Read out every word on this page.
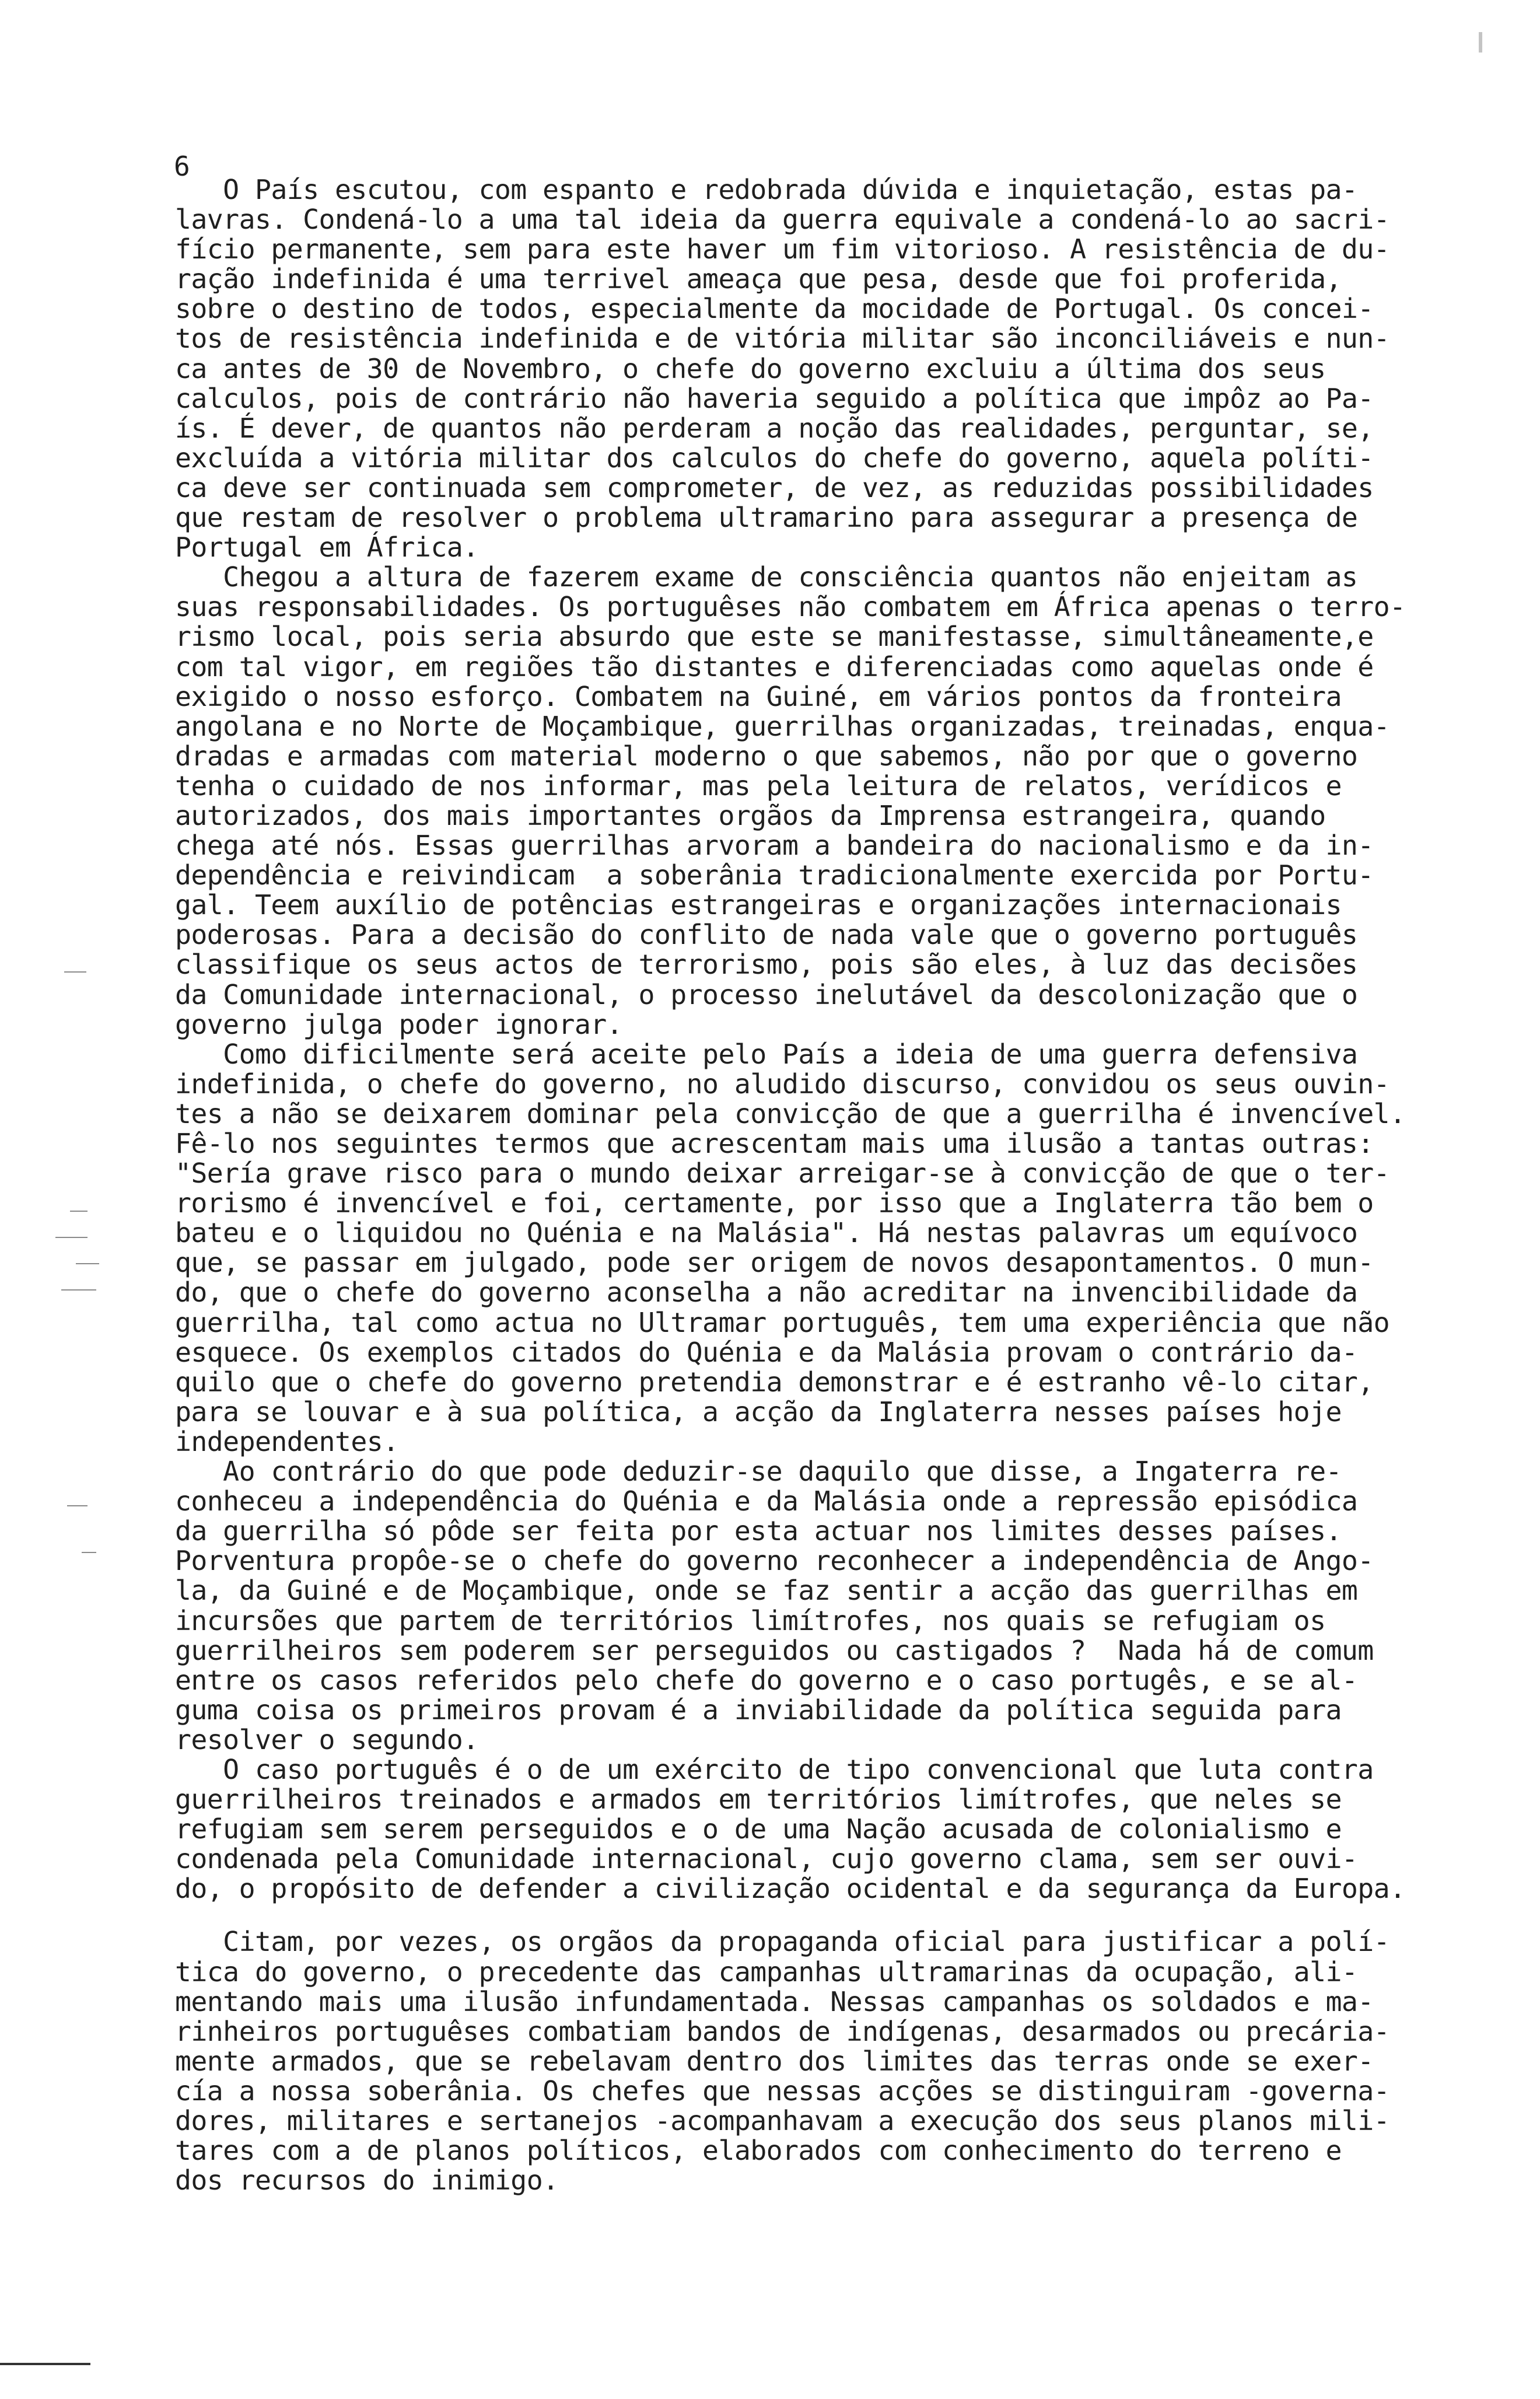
6
O País escutou, com espanto e redobrada dúvida e inquietação, estas pa-
lavras. Condená-lo a uma tal ideia da guerra equivale a condená-lo ao sacri-
fício permanente, sem para este haver um fim vitorioso. A resistência de du-
ração indefinida é uma terrivel ameaça que pesa, desde que foi proferida,
sobre o destino de todos, especialmente da mocidade de Portugal. Os concei-
tos de resistência indefinida e de vitória militar são inconciliáveis e nun-
ca antes de 30 de Novembro, o chefe do governo excluiu a última dos seus
calculos, pois de contrário não haveria seguido a política que impôz ao Pa-
ís. É dever, de quantos não perderam a noção das realidades, perguntar, se,
excluída a vitória militar dos calculos do chefe do governo, aquela políti-
ca deve ser continuada sem comprometer, de vez, as reduzidas possibilidades
que restam de resolver o problema ultramarino para assegurar a presença de
Portugal em África.
Chegou a altura de fazerem exame de consciência quantos não enjeitam as
suas responsabilidades. Os portuguêses não combatem em África apenas o terro-
rismo local, pois seria absurdo que este se manifestasse, simultâneamente,e
com tal vigor, em regiões tão distantes e diferenciadas como aquelas onde é
exigido o nosso esforço. Combatem na Guiné, em vários pontos da fronteira
angolana e no Norte de Moçambique, guerrilhas organizadas, treinadas, enqua-
dradas e armadas com material moderno o que sabemos, não por que o governo
tenha o cuidado de nos informar, mas pela leitura de relatos, verídicos e
autorizados, dos mais importantes orgãos da Imprensa estrangeira, quando
chega até nós. Essas guerrilhas arvoram a bandeira do nacionalismo e da in-
dependência e reivindicam  a soberânia tradicionalmente exercida por Portu-
gal. Teem auxílio de potências estrangeiras e organizações internacionais
poderosas. Para a decisão do conflito de nada vale que o governo português
classifique os seus actos de terrorismo, pois são eles, à luz das decisões
da Comunidade internacional, o processo inelutável da descolonização que o
governo julga poder ignorar.
Como dificilmente será aceite pelo País a ideia de uma guerra defensiva
indefinida, o chefe do governo, no aludido discurso, convidou os seus ouvin-
tes a não se deixarem dominar pela convicção de que a guerrilha é invencível.
Fê-lo nos seguintes termos que acrescentam mais uma ilusão a tantas outras:
"Sería grave risco para o mundo deixar arreigar-se à convicção de que o ter-
rorismo é invencível e foi, certamente, por isso que a Inglaterra tão bem o
bateu e o liquidou no Quénia e na Malásia". Há nestas palavras um equívoco
que, se passar em julgado, pode ser origem de novos desapontamentos. O mun-
do, que o chefe do governo aconselha a não acreditar na invencibilidade da
guerrilha, tal como actua no Ultramar português, tem uma experiência que não
esquece. Os exemplos citados do Quénia e da Malásia provam o contrário da-
quilo que o chefe do governo pretendia demonstrar e é estranho vê-lo citar,
para se louvar e à sua política, a acção da Inglaterra nesses países hoje
independentes.
Ao contrário do que pode deduzir-se daquilo que disse, a Ingaterra re-
conheceu a independência do Quénia e da Malásia onde a repressão episódica
da guerrilha só pôde ser feita por esta actuar nos limites desses países.
Porventura propôe-se o chefe do governo reconhecer a independência de Ango-
la, da Guiné e de Moçambique, onde se faz sentir a acção das guerrilhas em
incursões que partem de territórios limítrofes, nos quais se refugiam os
guerrilheiros sem poderem ser perseguidos ou castigados ?  Nada há de comum
entre os casos referidos pelo chefe do governo e o caso portugês, e se al-
guma coisa os primeiros provam é a inviabilidade da política seguida para
resolver o segundo.
O caso português é o de um exército de tipo convencional que luta contra
guerrilheiros treinados e armados em territórios limítrofes, que neles se
refugiam sem serem perseguidos e o de uma Nação acusada de colonialismo e
condenada pela Comunidade internacional, cujo governo clama, sem ser ouvi-
do, o propósito de defender a civilização ocidental e da segurança da Europa.
Citam, por vezes, os orgãos da propaganda oficial para justificar a polí-
tica do governo, o precedente das campanhas ultramarinas da ocupação, ali-
mentando mais uma ilusão infundamentada. Nessas campanhas os soldados e ma-
rinheiros portuguêses combatiam bandos de indígenas, desarmados ou precária-
mente armados, que se rebelavam dentro dos limites das terras onde se exer-
cía a nossa soberânia. Os chefes que nessas acções se distinguiram -governa-
dores, militares e sertanejos -acompanhavam a execução dos seus planos mili-
tares com a de planos políticos, elaborados com conhecimento do terreno e
dos recursos do inimigo.
